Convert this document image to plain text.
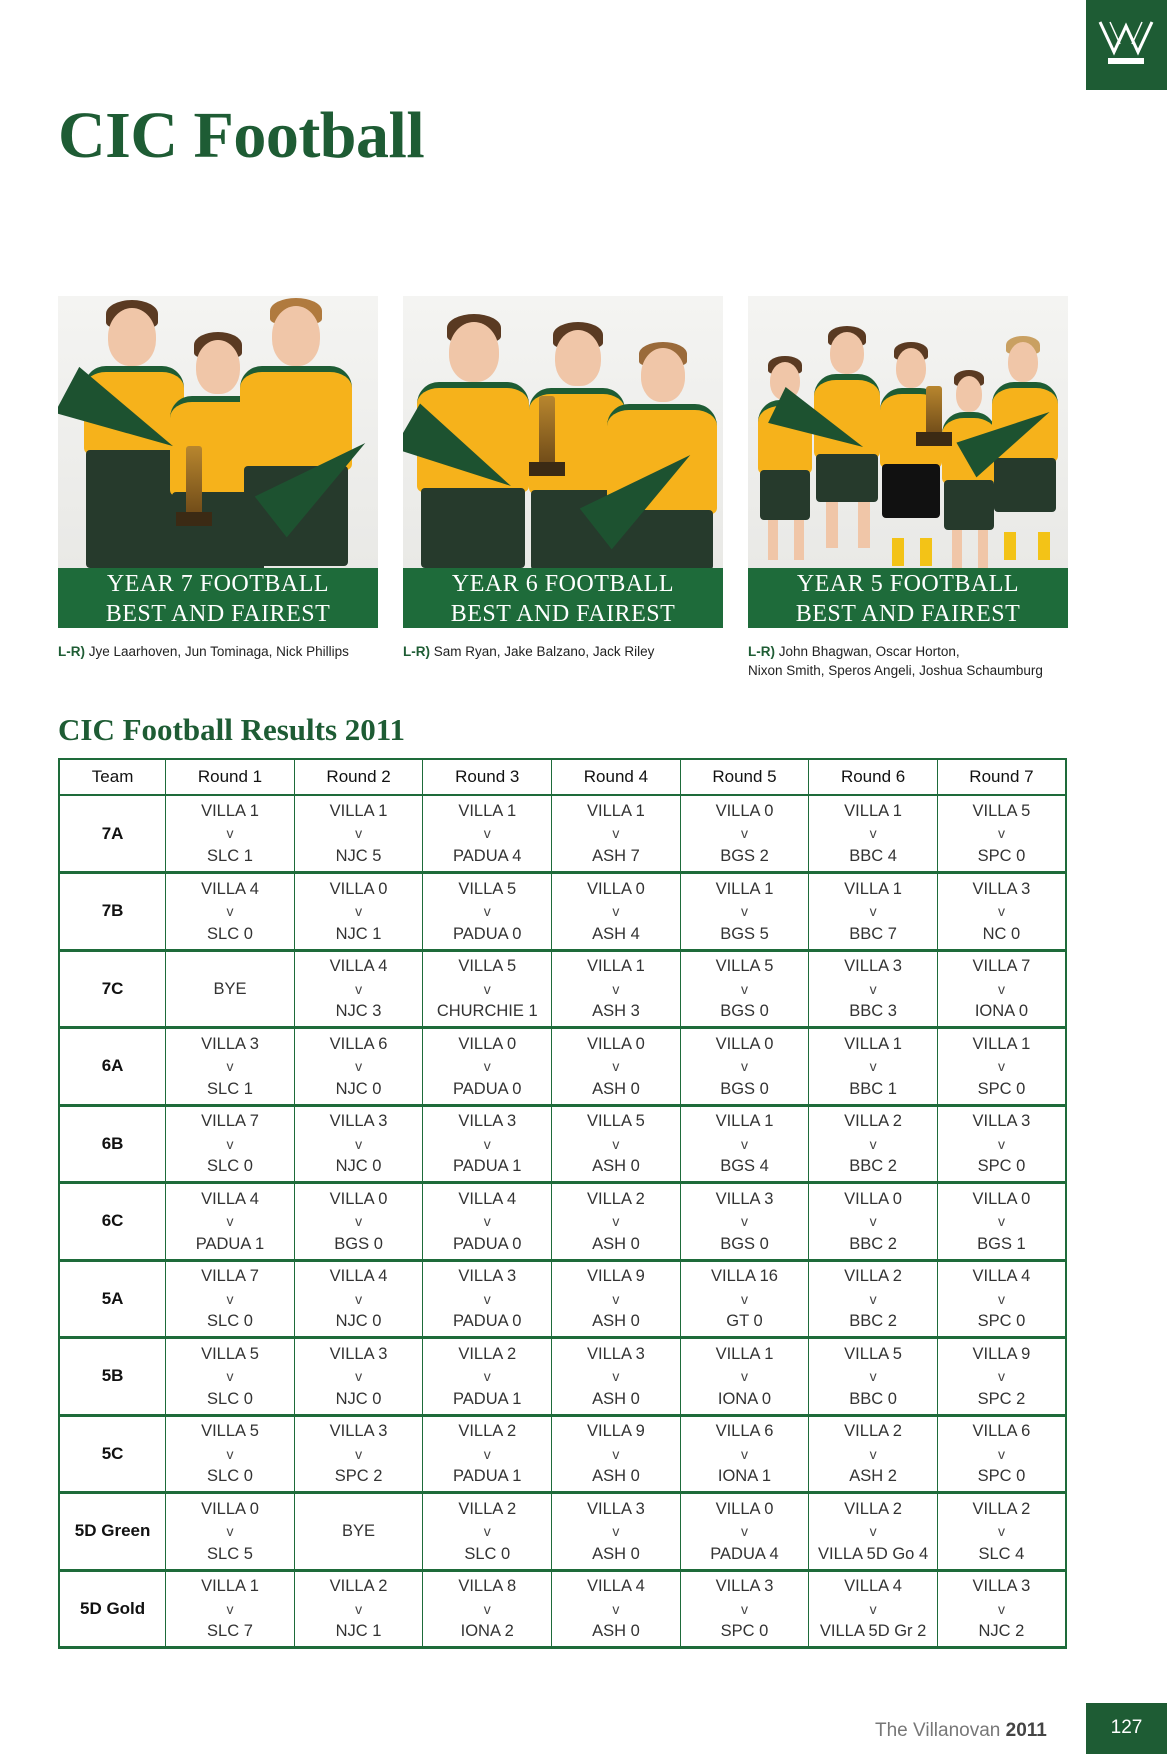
CIC Football
YEAR 7 FOOTBALL
BEST AND FAIREST
L-R) Jye Laarhoven, Jun Tominaga, Nick Phillips
YEAR 6 FOOTBALL
BEST AND FAIREST
L-R) Sam Ryan, Jake Balzano, Jack Riley
YEAR 5 FOOTBALL
BEST AND FAIREST
L-R) John Bhagwan, Oscar Horton,
Nixon Smith, Speros Angeli, Joshua Schaumburg
CIC Football Results 2011
Team	Round 1	Round 2	Round 3	Round 4	Round 5	Round 6	Round 7
7A	VILLA 1
v
SLC 1	VILLA 1
v
NJC 5	VILLA 1
v
PADUA 4	VILLA 1
v
ASH 7	VILLA 0
v
BGS 2	VILLA 1
v
BBC 4	VILLA 5
v
SPC 0

7B	VILLA 4
v
SLC 0	VILLA 0
v
NJC 1	VILLA 5
v
PADUA 0	VILLA 0
v
ASH 4	VILLA 1
v
BGS 5	VILLA 1
v
BBC 7	VILLA 3
v
NC 0

7C	BYE	VILLA 4
v
NJC 3	VILLA 5
v
CHURCHIE 1	VILLA 1
v
ASH 3	VILLA 5
v
BGS 0	VILLA 3
v
BBC 3	VILLA 7
v
IONA 0

6A	VILLA 3
v
SLC 1	VILLA 6
v
NJC 0	VILLA 0
v
PADUA 0	VILLA 0
v
ASH 0	VILLA 0
v
BGS 0	VILLA 1
v
BBC 1	VILLA 1
v
SPC 0

6B	VILLA 7
v
SLC 0	VILLA 3
v
NJC 0	VILLA 3
v
PADUA 1	VILLA 5
v
ASH 0	VILLA 1
v
BGS 4	VILLA 2
v
BBC 2	VILLA 3
v
SPC 0

6C	VILLA 4
v
PADUA 1	VILLA 0
v
BGS 0	VILLA 4
v
PADUA 0	VILLA 2
v
ASH 0	VILLA 3
v
BGS 0	VILLA 0
v
BBC 2	VILLA 0
v
BGS 1

5A	VILLA 7
v
SLC 0	VILLA 4
v
NJC 0	VILLA 3
v
PADUA 0	VILLA 9
v
ASH 0	VILLA 16
v
GT 0	VILLA 2
v
BBC 2	VILLA 4
v
SPC 0

5B	VILLA 5
v
SLC 0	VILLA 3
v
NJC 0	VILLA 2
v
PADUA 1	VILLA 3
v
ASH 0	VILLA 1
v
IONA 0	VILLA 5
v
BBC 0	VILLA 9
v
SPC 2

5C	VILLA 5
v
SLC 0	VILLA 3
v
SPC 2	VILLA 2
v
PADUA 1	VILLA 9
v
ASH 0	VILLA 6
v
IONA 1	VILLA 2
v
ASH 2	VILLA 6
v
SPC 0

5D Green	VILLA 0
v
SLC 5	BYE	VILLA 2
v
SLC 0	VILLA 3
v
ASH 0	VILLA 0
v
PADUA 4	VILLA 2
v
VILLA 5D Go 4	VILLA 2
v
SLC 4

5D Gold	VILLA 1
v
SLC 7	VILLA 2
v
NJC 1	VILLA 8
v
IONA 2	VILLA 4
v
ASH 0	VILLA 3
v
SPC 0	VILLA 4
v
VILLA 5D Gr 2	VILLA 3
v
NJC 2
The Villanovan 2011	127
